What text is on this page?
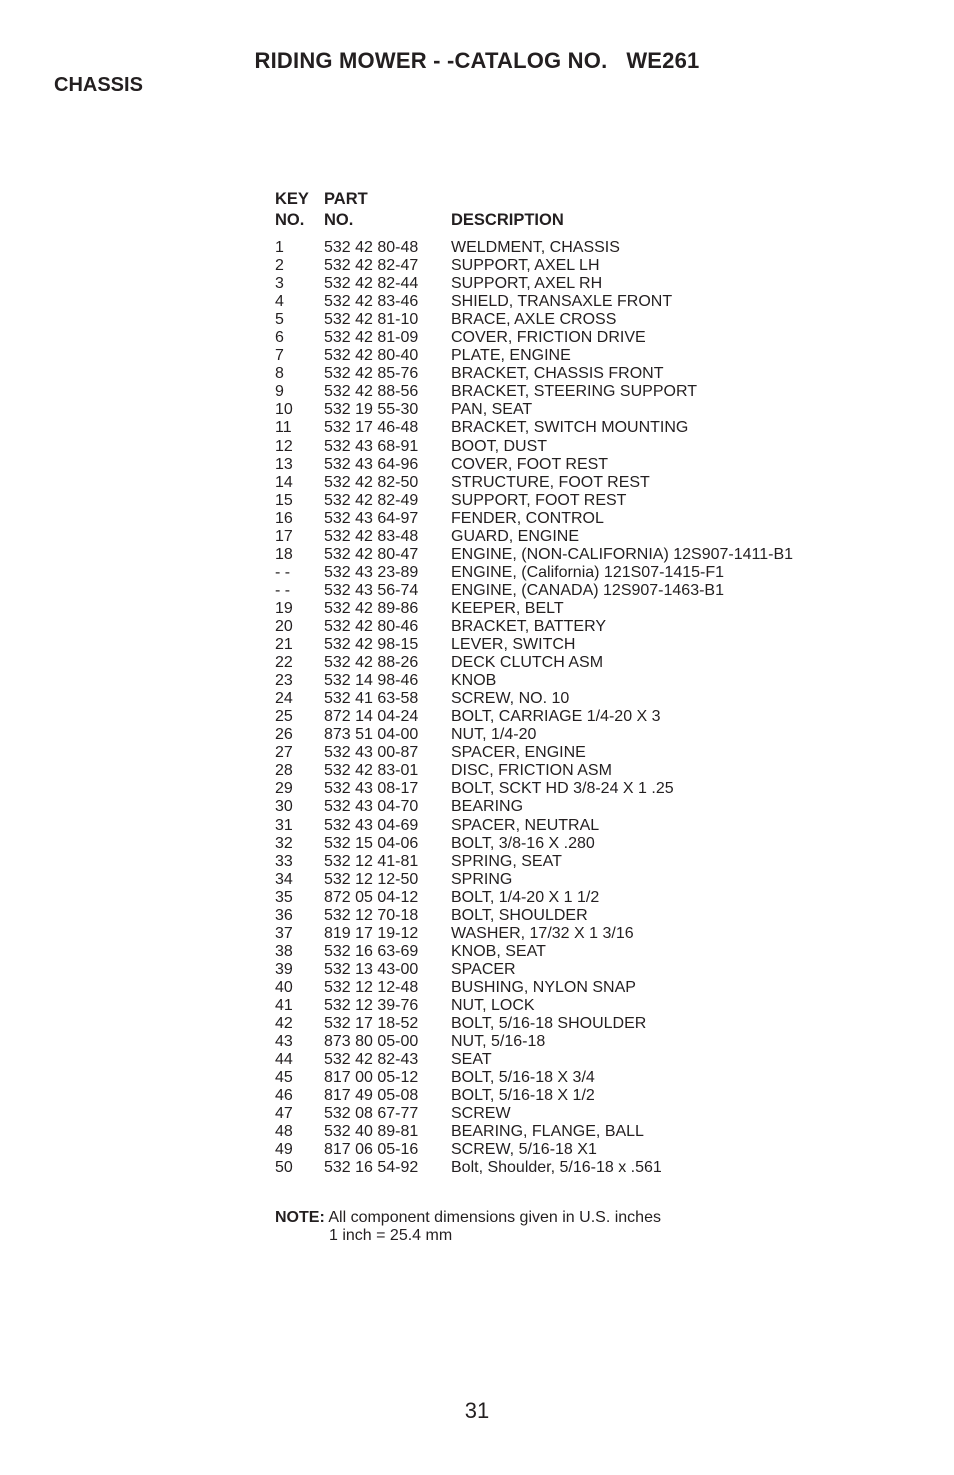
RIDING MOWER - -CATALOG NO.   WE261
CHASSIS
KEY
NO.
PART
NO.	DESCRIPTION
1	532 42 80-48 WELDMENT, CHASSIS
2	532 42 82-47 SUPPORT, AXEL LH
3	532 42 82-44 SUPPORT, AXEL RH
4	532 42 83-46 SHIELD, TRANSAXLE FRONT
5	532 42 81-10 BRACE, AXLE CROSS
6	532 42 81-09 COVER, FRICTION DRIVE
7	532 42 80-40 PLATE, ENGINE
8	532 42 85-76 BRACKET, CHASSIS FRONT
9	532 42 88-56 BRACKET, STEERING SUPPORT
10 532 19 55-30 PAN, SEAT
11 532 17 46-48 BRACKET, SWITCH MOUNTING
12 532 43 68-91 BOOT, DUST
13 532 43 64-96 COVER, FOOT REST
14 532 42 82-50 STRUCTURE, FOOT REST
15 532 42 82-49 SUPPORT, FOOT REST
16 532 43 64-97 FENDER, CONTROL
17 532 42 83-48 GUARD, ENGINE
18 532 42 80-47 ENGINE, (NON-CALIFORNIA) 12S907-1411-B1
- - 532 43 23-89 ENGINE, (California) 121S07-1415-F1
- - 532 43 56-74 ENGINE, (CANADA) 12S907-1463-B1
19 532 42 89-86 KEEPER, BELT
20 532 42 80-46 BRACKET, BATTERY
21 532 42 98-15 LEVER, SWITCH
22 532 42 88-26 DECK CLUTCH ASM
23 532 14 98-46 KNOB
24 532 41 63-58 SCREW, NO. 10
25 872 14 04-24 BOLT, CARRIAGE 1/4-20 X 3
26 873 51 04-00 NUT, 1/4-20
27 532 43 00-87 SPACER, ENGINE
28 532 42 83-01 DISC, FRICTION ASM
29 532 43 08-17 BOLT, SCKT HD 3/8-24 X 1 .25
30 532 43 04-70 BEARING
31 532 43 04-69 SPACER, NEUTRAL
32 532 15 04-06 BOLT, 3/8-16 X .280
33 532 12 41-81 SPRING, SEAT
34 532 12 12-50 SPRING
35 872 05 04-12 BOLT, 1/4-20 X 1 1/2
36 532 12 70-18 BOLT, SHOULDER
37 819 17 19-12 WASHER, 17/32 X 1 3/16
38 532 16 63-69 KNOB, SEAT
39 532 13 43-00 SPACER
40 532 12 12-48 BUSHING, NYLON SNAP
41 532 12 39-76 NUT, LOCK
42 532 17 18-52 BOLT, 5/16-18 SHOULDER
43 873 80 05-00 NUT, 5/16-18
44 532 42 82-43 SEAT
45 817 00 05-12 BOLT, 5/16-18 X 3/4
46 817 49 05-08 BOLT, 5/16-18 X 1/2
47 532 08 67-77 SCREW
48 532 40 89-81 BEARING, FLANGE, BALL
49 817 06 05-16 SCREW, 5/16-18 X1
50 532 16 54-92 Bolt, Shoulder, 5/16-18 x .561
NOTE: All component dimensions given in U.S. inches
1 inch = 25.4 mm
31
